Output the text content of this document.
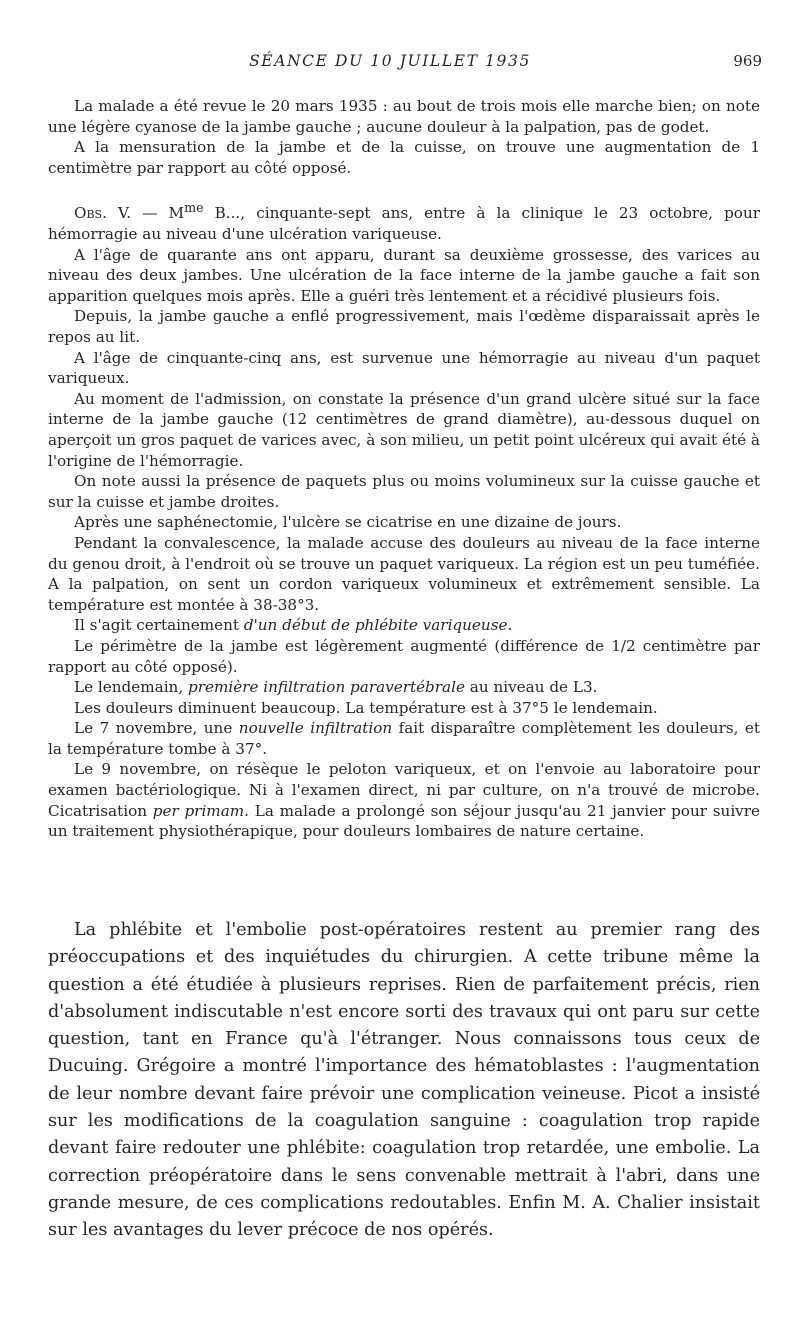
SÉANCE DU 10 JUILLET 1935	969

La malade a été revue le 20 mars 1935 : au bout de trois mois elle marche bien; on note une légère cyanose de la jambe gauche ; aucune douleur à la palpation, pas de godet.

A la mensuration de la jambe et de la cuisse, on trouve une augmentation de 1 centimètre par rapport au côté opposé.

Obs. V. — $M^{me}$ B..., cinquante-sept ans, entre à la clinique le 23 octobre, pour hémorragie au niveau d'une ulcération variqueuse.

A l'âge de quarante ans ont apparu, durant sa deuxième grossesse, des varices au niveau des deux jambes. Une ulcération de la face interne de la jambe gauche a fait son apparition quelques mois après. Elle a guéri très lentement et a récidivé plusieurs fois.

Depuis, la jambe gauche a enflé progressivement, mais l'œdème disparaissait après le repos au lit.

A l'âge de cinquante-cinq ans, est survenue une hémorragie au niveau d'un paquet variqueux.

Au moment de l'admission, on constate la présence d'un grand ulcère situé sur la face interne de la jambe gauche (12 centimètres de grand diamètre), au-dessous duquel on aperçoit un gros paquet de varices avec, à son milieu, un petit point ulcéreux qui avait été à l'origine de l'hémorragie.

On note aussi la présence de paquets plus ou moins volumineux sur la cuisse gauche et sur la cuisse et jambe droites.

Après une saphénectomie, l'ulcère se cicatrise en une dizaine de jours.

Pendant la convalescence, la malade accuse des douleurs au niveau de la face interne du genou droit, à l'endroit où se trouve un paquet variqueux. La région est un peu tuméfiée. A la palpation, on sent un cordon variqueux volumineux et extrêmement sensible. La température est montée à 38-38°3.

Il s'agit certainement d'un début de phlébite variqueuse.

Le périmètre de la jambe est légèrement augmenté (différence de 1/2 centimètre par rapport au côté opposé).

Le lendemain, première infiltration paravertébrale au niveau de L3.

Les douleurs diminuent beaucoup. La température est à 37°5 le lendemain.

Le 7 novembre, une nouvelle infiltration fait disparaître complètement les douleurs, et la température tombe à 37°.

Le 9 novembre, on résèque le peloton variqueux, et on l'envoie au laboratoire pour examen bactériologique. Ni à l'examen direct, ni par culture, on n'a trouvé de microbe. Cicatrisation per primam. La malade a prolongé son séjour jusqu'au 21 janvier pour suivre un traitement physiothérapique, pour douleurs lombaires de nature certaine.

La phlébite et l'embolie post-opératoires restent au premier rang des préoccupations et des inquiétudes du chirurgien. A cette tribune même la question a été étudiée à plusieurs reprises. Rien de parfaitement précis, rien d'absolument indiscutable n'est encore sorti des travaux qui ont paru sur cette question, tant en France qu'à l'étranger. Nous connaissons tous ceux de Ducuing. Grégoire a montré l'importance des hématoblastes : l'augmentation de leur nombre devant faire prévoir une complication veineuse. Picot a insisté sur les modifications de la coagulation sanguine : coagulation trop rapide devant faire redouter une phlébite: coagulation trop retardée, une embolie. La correction préopératoire dans le sens convenable mettrait à l'abri, dans une grande mesure, de ces complications redoutables. Enfin M. A. Chalier insistait sur les avantages du lever précoce de nos opérés.
